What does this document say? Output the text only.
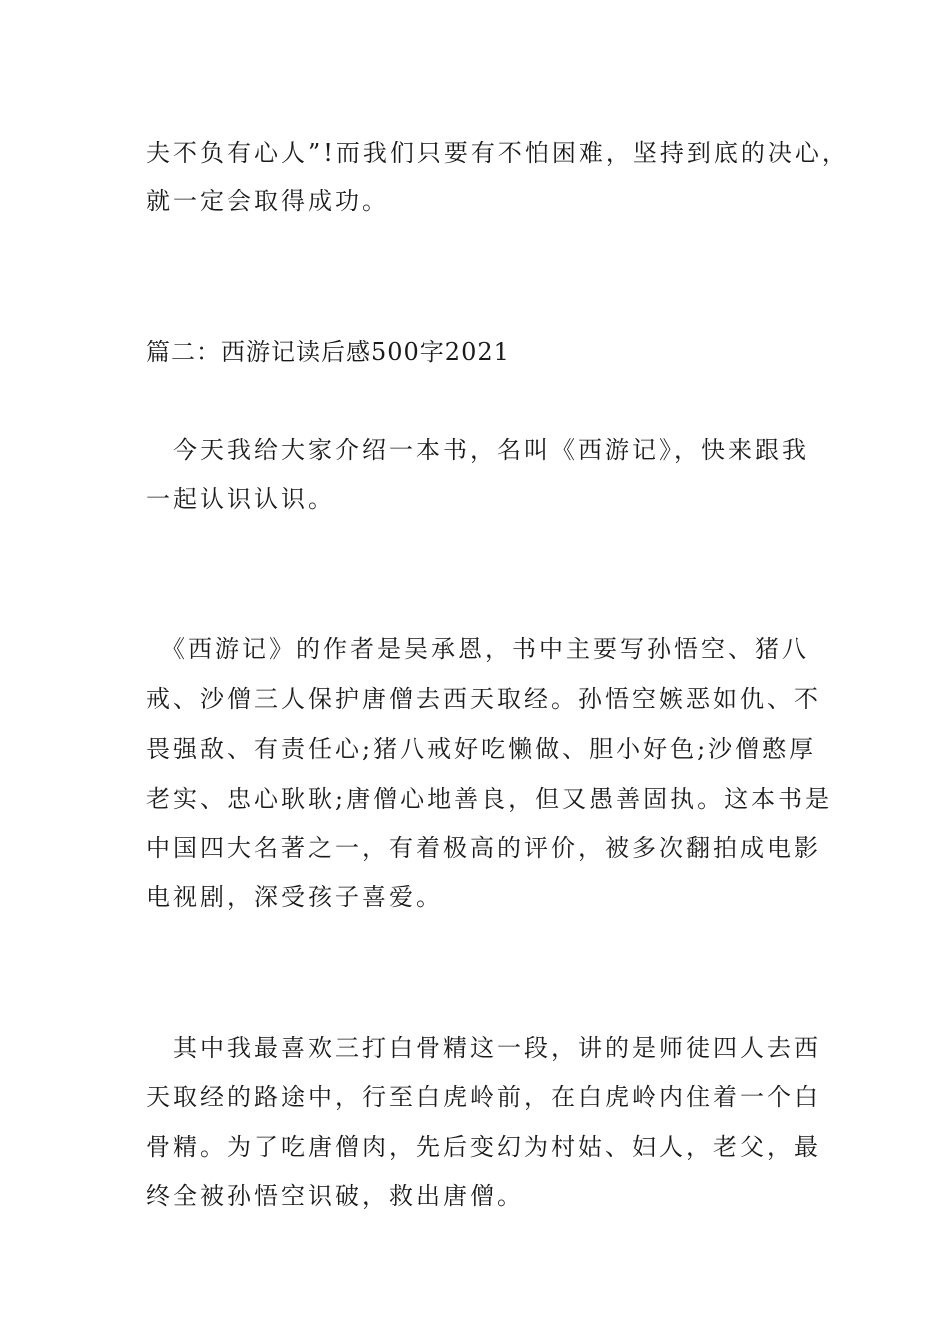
夫不负有心人”!而我们只要有不怕困难，坚持到底的决心，
就一定会取得成功。
篇二：西游记读后感500字2021
　今天我给大家介绍一本书，名叫《西游记》，快来跟我
一起认识认识。
　《西游记》的作者是吴承恩，书中主要写孙悟空、猪八
戒、沙僧三人保护唐僧去西天取经。孙悟空嫉恶如仇、不
畏强敌、有责任心;猪八戒好吃懒做、胆小好色;沙僧憨厚
老实、忠心耿耿;唐僧心地善良，但又愚善固执。这本书是
中国四大名著之一，有着极高的评价，被多次翻拍成电影
电视剧，深受孩子喜爱。
　其中我最喜欢三打白骨精这一段，讲的是师徒四人去西
天取经的路途中，行至白虎岭前，在白虎岭内住着一个白
骨精。为了吃唐僧肉，先后变幻为村姑、妇人，老父，最
终全被孙悟空识破，救出唐僧。
